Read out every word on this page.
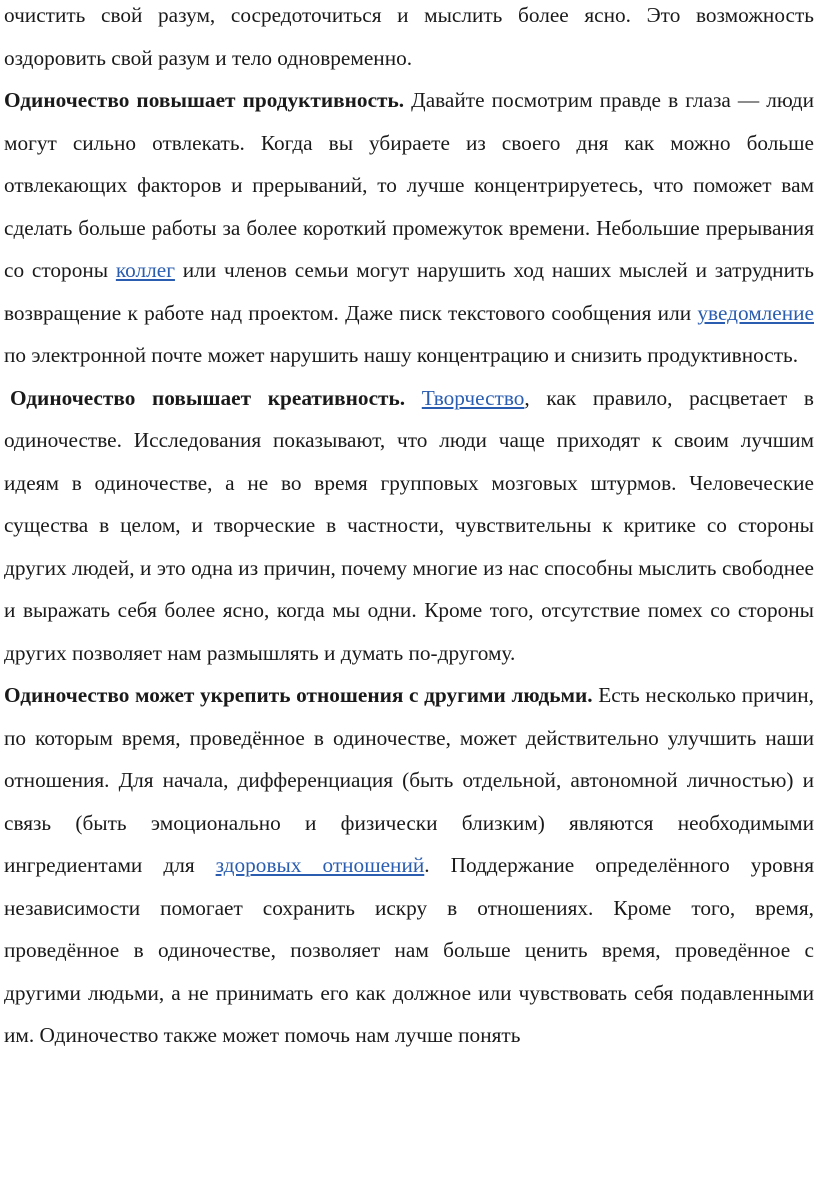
очистить свой разум, сосредоточиться и мыслить более ясно. Это возможность оздоровить свой разум и тело одновременно.

Одиночество повышает продуктивность. Давайте посмотрим правде в глаза — люди могут сильно отвлекать. Когда вы убираете из своего дня как можно больше отвлекающих факторов и прерываний, то лучше концентрируетесь, что поможет вам сделать больше работы за более короткий промежуток времени. Небольшие прерывания со стороны коллег или членов семьи могут нарушить ход наших мыслей и затруднить возвращение к работе над проектом. Даже писк текстового сообщения или уведомление по электронной почте может нарушить нашу концентрацию и снизить продуктивность.

Одиночество повышает креативность. Творчество, как правило, расцветает в одиночестве. Исследования показывают, что люди чаще приходят к своим лучшим идеям в одиночестве, а не во время групповых мозговых штурмов. Человеческие существа в целом, и творческие в частности, чувствительны к критике со стороны других людей, и это одна из причин, почему многие из нас способны мыслить свободнее и выражать себя более ясно, когда мы одни. Кроме того, отсутствие помех со стороны других позволяет нам размышлять и думать по-другому.

Одиночество может укрепить отношения с другими людьми. Есть несколько причин, по которым время, проведённое в одиночестве, может действительно улучшить наши отношения. Для начала, дифференциация (быть отдельной, автономной личностью) и связь (быть эмоционально и физически близким) являются необходимыми ингредиентами для здоровых отношений. Поддержание определённого уровня независимости помогает сохранить искру в отношениях. Кроме того, время, проведённое в одиночестве, позволяет нам больше ценить время, проведённое с другими людьми, а не принимать его как должное или чувствовать себя подавленными им. Одиночество также может помочь нам лучше понять
